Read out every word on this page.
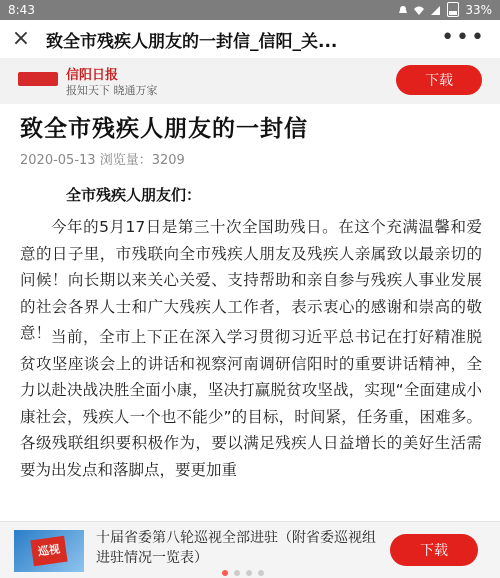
8:43	33%
× 致全市残疾人朋友的一封信_信阳_关...	•••
信阳日报
报知天下 晓通万家
下载
致全市残疾人朋友的一封信
2020-05-13 浏览量：3209
全市残疾人朋友们：

今年的5月17日是第三十次全国助残日。在这个充满温馨和爱意的日子里，市残联向全市残疾人朋友及残疾人亲属致以最亲切的问候！向长期以来关心关爱、支持帮助和亲自参与残疾人事业发展的社会各界人士和广大残疾人工作者，表示衷心的感谢和崇高的敬意！ 当前，全市上下正在深入学习贯彻习近平总书记在打好精准脱贫攻坚座谈会上的讲话和视察河南调研信阳时的重要讲话精神，全力以赴决战决胜全面小康，坚决打赢脱贫攻坚战，实现“全面建成小康社会，残疾人一个也不能少”的目标，时间紧，任务重，困难多。各级残联组织要积极作为，要以满足残疾人日益增长的美好生活需要为出发点和落脚点，要更加重

巡视
十届省委第八轮巡视全部进驻（附省委巡视组进驻情况一览表）	下载
